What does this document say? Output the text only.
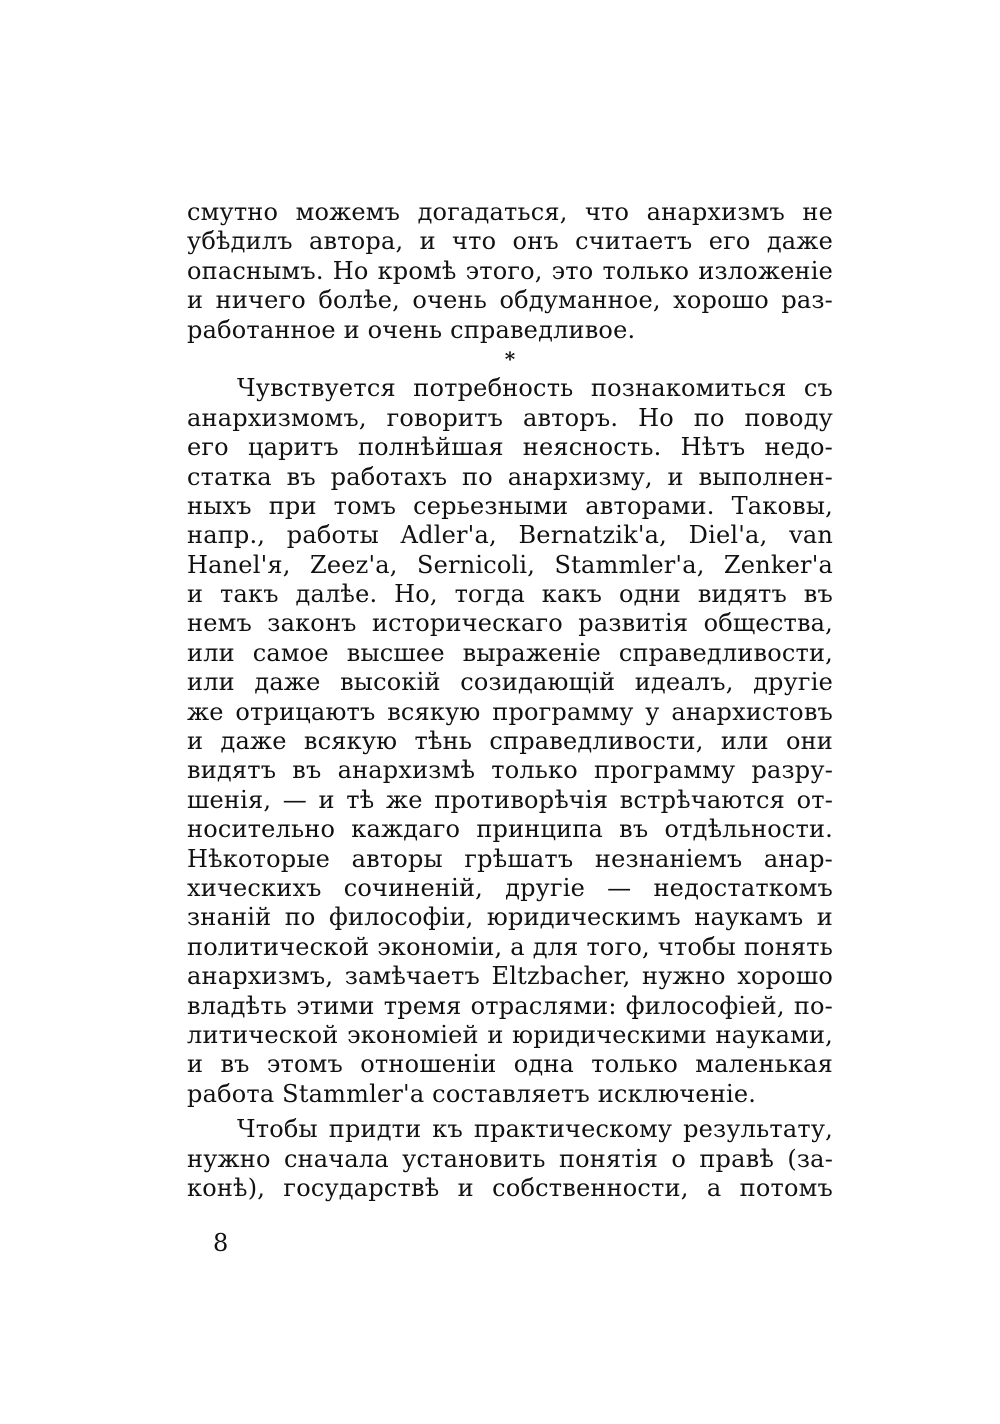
смутно можемъ догадаться, что анархизмъ не
убѣдилъ автора, и что онъ считаетъ его даже
опаснымъ. Но кромѣ этого, это только изложенiе
и ничего болѣе, очень обдуманное, хорошо раз-
работанное и очень справедливое.
*
Чувствуется потребность познакомиться съ
анархизмомъ, говоритъ авторъ. Но по поводу
его царитъ полнѣйшая неясность. Нѣтъ недо-
статка въ работахъ по анархизму, и выполнен-
ныхъ при томъ серьезными авторами. Таковы,
напр., работы Adler'a, Bernatzik'a, Diel'a, van
Hanel'я, Zeez'a, Sernicoli, Stammler'a, Zenker'a
и такъ далѣе. Но, тогда какъ одни видятъ въ
немъ законъ историческаго развитiя общества,
или самое высшее выраженiе справедливости,
или даже высокiй созидающiй идеалъ, другiе
же отрицаютъ всякую программу у анархистовъ
и даже всякую тѣнь справедливости, или они
видятъ въ анархизмѣ только программу разру-
шенiя, — и тѣ же противорѣчiя встрѣчаются от-
носительно каждаго принципа въ отдѣльности.
Нѣкоторые авторы грѣшатъ незнанiемъ анар-
хическихъ сочиненiй, другiе — недостаткомъ
знанiй по философiи, юридическимъ наукамъ и
политической экономiи, а для того, чтобы понять
анархизмъ, замѣчаетъ Eltzbacher, нужно хорошо
владѣть этими тремя отраслями: философiей, по-
литической экономiей и юридическими науками,
и въ этомъ отношенiи одна только маленькая
работа Stammler'a составляетъ исключенiе.
Чтобы придти къ практическому результату,
нужно сначала установить понятiя о правѣ (за-
конѣ), государствѣ и собственности, а потомъ
8
